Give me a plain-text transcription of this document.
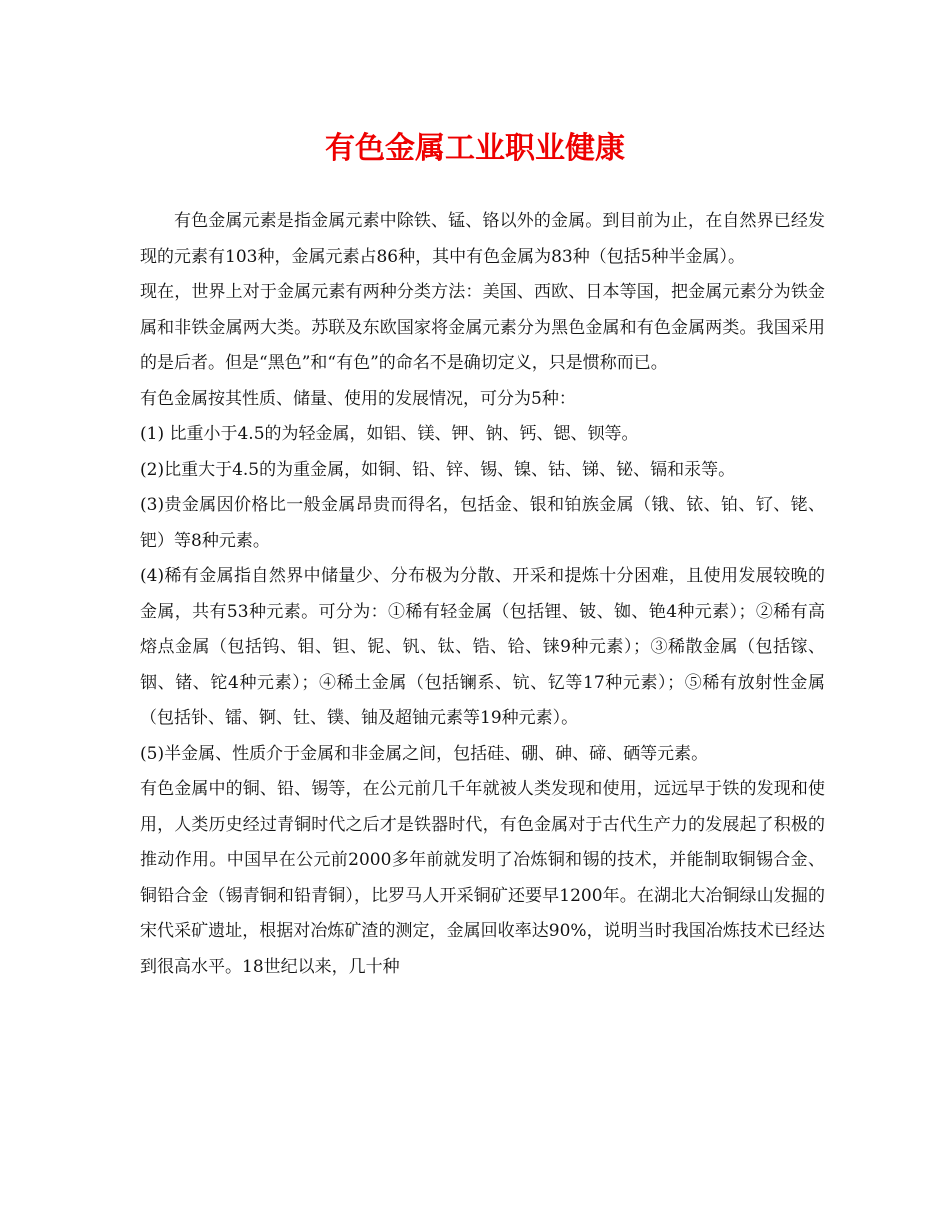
有色金属工业职业健康

有色金属元素是指金属元素中除铁、锰、铬以外的金属。到目前为止，在自然界已经发现的元素有103种，金属元素占86种，其中有色金属为83种（包括5种半金属）。

现在，世界上对于金属元素有两种分类方法：美国、西欧、日本等国，把金属元素分为铁金属和非铁金属两大类。苏联及东欧国家将金属元素分为黑色金属和有色金属两类。我国采用的是后者。但是“黑色”和“有色”的命名不是确切定义，只是惯称而已。

有色金属按其性质、储量、使用的发展情况，可分为5种：

(1) 比重小于4.5的为轻金属，如铝、镁、钾、钠、钙、锶、钡等。

(2)比重大于4.5的为重金属，如铜、铅、锌、锡、镍、钴、锑、铋、镉和汞等。

(3)贵金属因价格比一般金属昂贵而得名，包括金、银和铂族金属（锇、铱、铂、钌、铑、钯）等8种元素。

(4)稀有金属指自然界中储量少、分布极为分散、开采和提炼十分困难，且使用发展较晚的金属，共有53种元素。可分为：①稀有轻金属（包括锂、铍、铷、铯4种元素）；②稀有高熔点金属（包括钨、钼、钽、铌、钒、钛、锆、铪、铼9种元素）；③稀散金属（包括镓、铟、锗、铊4种元素）；④稀土金属（包括镧系、钪、钇等17种元素）；⑤稀有放射性金属（包括钋、镭、锕、钍、镤、铀及超铀元素等19种元素）。

(5)半金属、性质介于金属和非金属之间，包括硅、硼、砷、碲、硒等元素。

有色金属中的铜、铅、锡等，在公元前几千年就被人类发现和使用，远远早于铁的发现和使用，人类历史经过青铜时代之后才是铁器时代，有色金属对于古代生产力的发展起了积极的推动作用。中国早在公元前2000多年前就发明了冶炼铜和锡的技术，并能制取铜锡合金、铜铅合金（锡青铜和铅青铜），比罗马人开采铜矿还要早1200年。在湖北大冶铜绿山发掘的宋代采矿遗址，根据对冶炼矿渣的测定，金属回收率达90%，说明当时我国冶炼技术已经达到很高水平。18世纪以来，几十种
